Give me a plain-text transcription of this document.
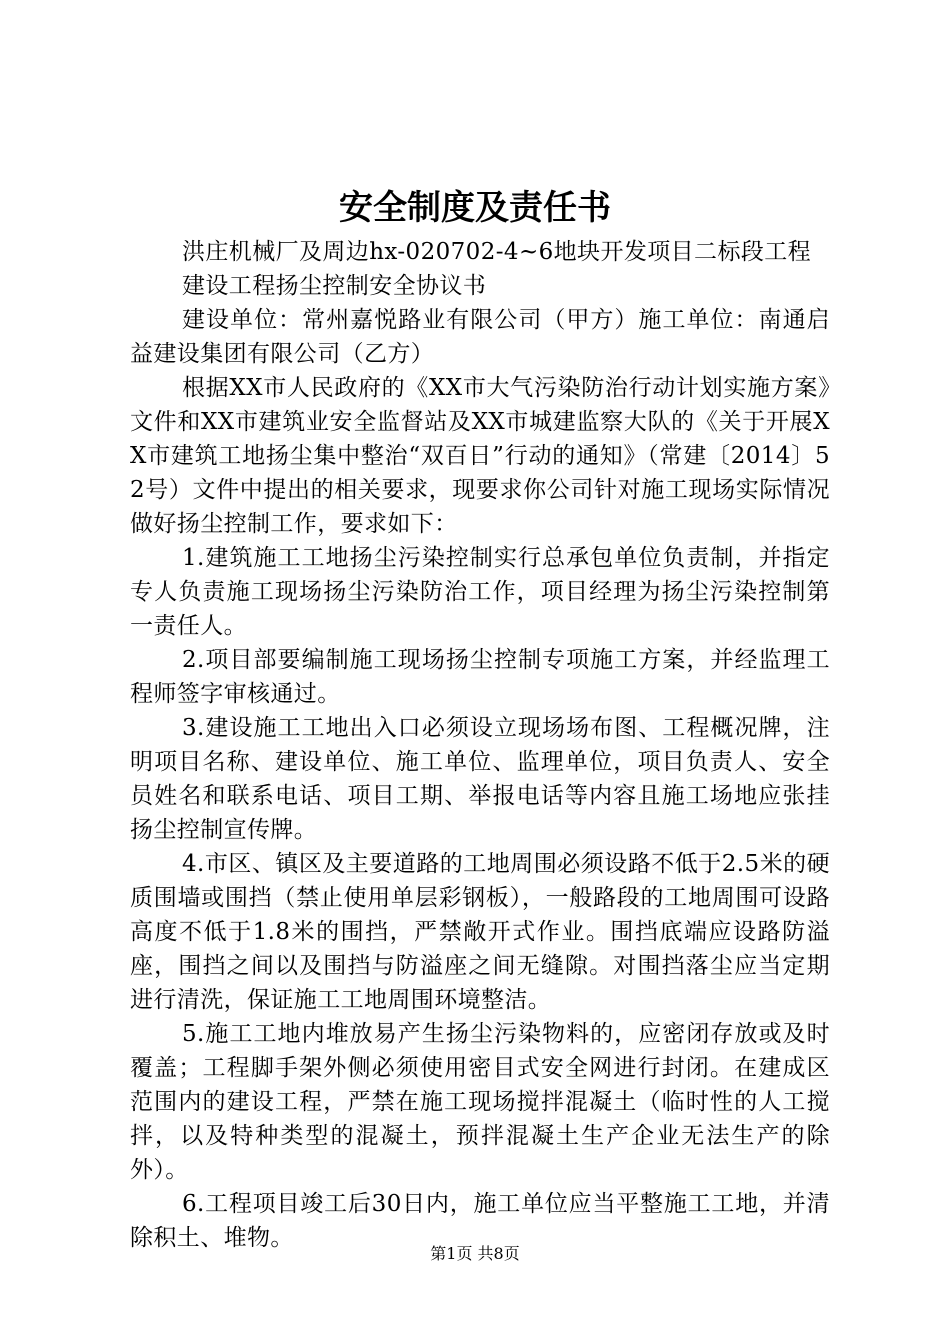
安全制度及责任书

洪庄机械厂及周边hx-020702-4~6地块开发项目二标段工程

建设工程扬尘控制安全协议书

建设单位：常州嘉悦路业有限公司（甲方）施工单位：南通启益建设集团有限公司（乙方）

根据XX市人民政府的《XX市大气污染防治行动计划实施方案》文件和XX市建筑业安全监督站及XX市城建监察大队的《关于开展XX市建筑工地扬尘集中整治“双百日”行动的通知》（常建〔2014〕52号）文件中提出的相关要求，现要求你公司针对施工现场实际情况做好扬尘控制工作，要求如下：

1.建筑施工工地扬尘污染控制实行总承包单位负责制，并指定专人负责施工现场扬尘污染防治工作，项目经理为扬尘污染控制第一责任人。

2.项目部要编制施工现场扬尘控制专项施工方案，并经监理工程师签字审核通过。

3.建设施工工地出入口必须设立现场场布图、工程概况牌，注明项目名称、建设单位、施工单位、监理单位，项目负责人、安全员姓名和联系电话、项目工期、举报电话等内容且施工场地应张挂扬尘控制宣传牌。

4.市区、镇区及主要道路的工地周围必须设路不低于2.5米的硬质围墙或围挡（禁止使用单层彩钢板），一般路段的工地周围可设路高度不低于1.8米的围挡，严禁敞开式作业。围挡底端应设路防溢座，围挡之间以及围挡与防溢座之间无缝隙。对围挡落尘应当定期进行清洗，保证施工工地周围环境整洁。

5.施工工地内堆放易产生扬尘污染物料的，应密闭存放或及时覆盖；工程脚手架外侧必须使用密目式安全网进行封闭。在建成区范围内的建设工程，严禁在施工现场搅拌混凝土（临时性的人工搅拌，以及特种类型的混凝土，预拌混凝土生产企业无法生产的除外）。

6.工程项目竣工后30日内，施工单位应当平整施工工地，并清除积土、堆物。

第1页 共8页
